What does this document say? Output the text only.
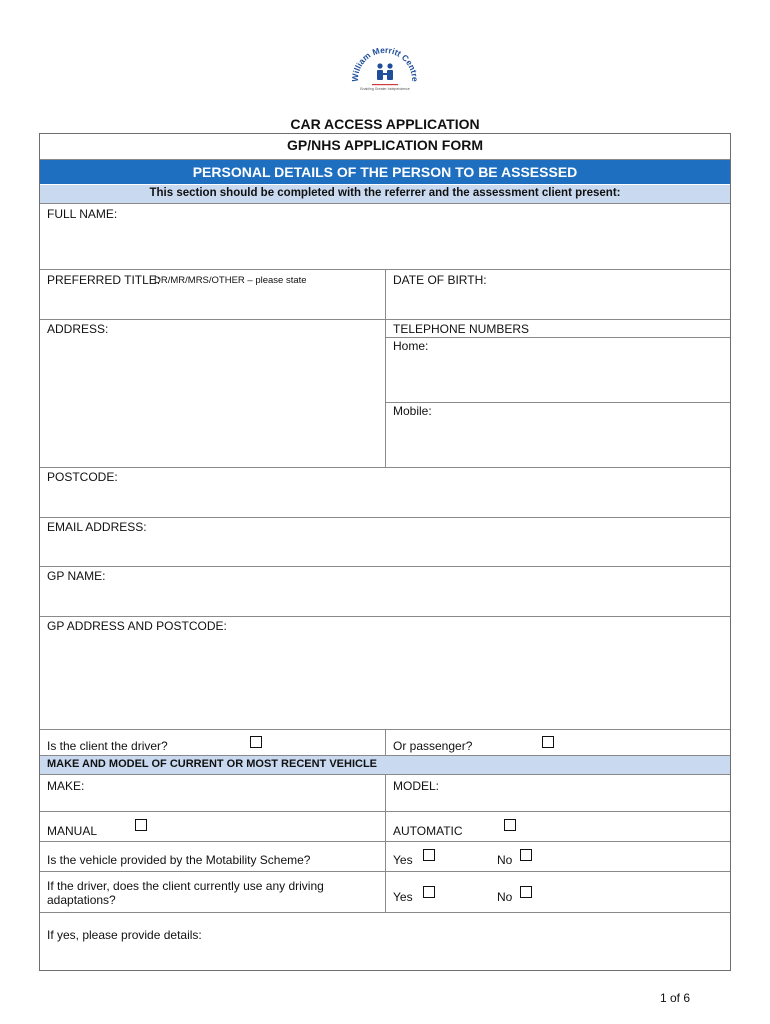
William Merritt Centre
Enabling Greater Independence
CAR ACCESS APPLICATION
GP/NHS APPLICATION FORM
PERSONAL DETAILS OF THE PERSON TO BE ASSESSED
This section should be completed with the referrer and the assessment client present:
FULL NAME:
PREFERRED TITLE:
DR/MR/MRS/OTHER – please state	DATE OF BIRTH:
ADDRESS:	TELEPHONE NUMBERS
Home:
Mobile:
POSTCODE:
EMAIL ADDRESS:
GP NAME:
GP ADDRESS AND POSTCODE:
Is the client the driver?	Or passenger?
MAKE AND MODEL OF CURRENT OR MOST RECENT VEHICLE
MAKE:	MODEL:
MANUAL	AUTOMATIC
Is the vehicle provided by the Motability Scheme?	Yes	No
If the driver, does the client currently use any driving adaptations?	Yes	No
If yes, please provide details:
1 of 6
